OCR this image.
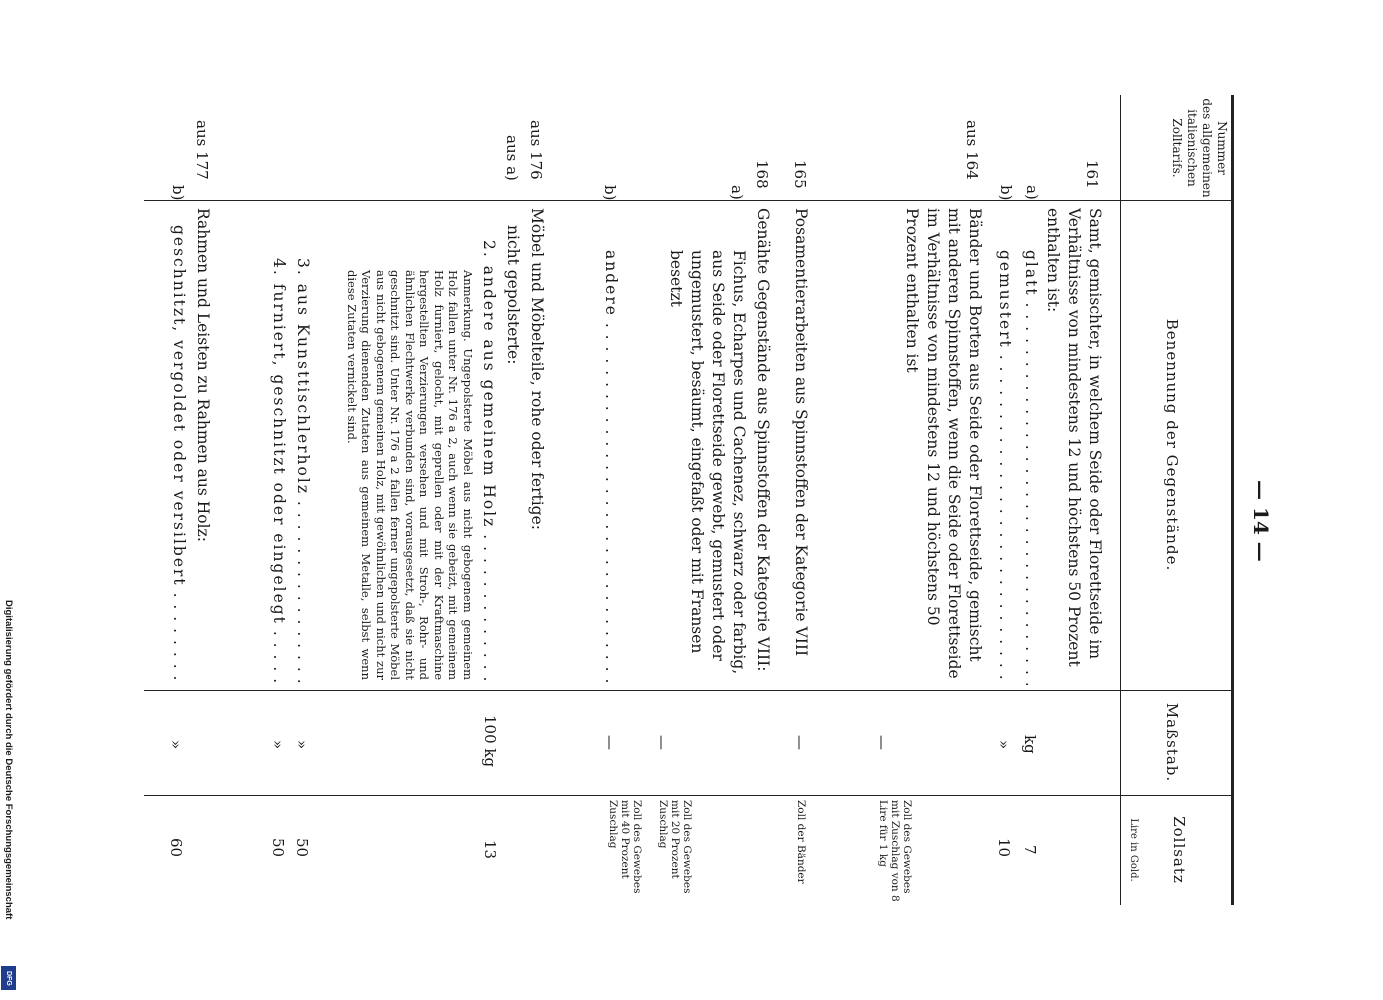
Digitalisierung gefördert durch die Deutsche Forschungsgemeinschaft
DFG
— 14 —
Nummer
des allgemeinen
italienischen
Zolltarifs.
Benennung der Gegenstände.
Maßstab.
Zollsatz
Lire in Gold.
161
Samt, gemischter, in welchem Seide oder Florettseide im Verhältnisse von mindestens 12 und höchstens 50 Prozent enthalten ist:
a)
glatt . . .
kg
7
b)
gemustert . . .
»
10
aus 164
Bänder und Borten aus Seide oder Florettseide, gemischt mit anderen Spinnstoffen, wenn die Seide oder Florettseide im Verhältnisse von mindestens 12 und höchstens 50 Prozent enthalten ist
—
Zoll des Gewebes mit Zuschlag von 8 Lire für 1 kg
165
Posamentierarbeiten aus Spinnstoffen der Kategorie VIII
—
Zoll der Bänder
168
Genähte Gegenstände aus Spinnstoffen der Kategorie VIII:
a)
Fichus, Echarpes und Cachenez, schwarz oder farbig, aus Seide oder Florettseide gewebt, gemustert oder ungemustert, besäumt, eingefaßt oder mit Fransen besetzt
—
Zoll des Gewebes mit 20 Prozent Zuschlag
b)
andere . . .
—
Zoll des Gewebes mit 40 Prozent Zuschlag
aus 176
Möbel und Möbelteile, rohe oder fertige:
aus a)
nicht gepolsterte:
2. andere aus gemeinem Holz . . .
100 kg
13
Anmerkung. Ungepolsterte Möbel aus nicht gebogenem gemeinem Holz fallen unter Nr. 176 a 2, auch wenn sie gebeizt, mit gemeinem Holz furniert, gelocht, mit geprellen oder mit der Kraftmaschine hergestellten Verzierungen versehen und mit Stroh-, Rohr- und ähnlichen Flechtwerke verbunden sind, vorausgesetzt, daß sie nicht geschnitzt sind. Unter Nr. 176 a 2 fallen ferner ungepolsterte Möbel aus nicht gebogenem gemeinen Holz, mit gewöhnlichen und nicht zur Verzierung dienenden Zutaten aus gemeinem Metalle, selbst wenn diese Zutaten vernickelt sind.
3. aus Kunsttischlerholz . . .
»
50
4. furniert, geschnitzt oder eingelegt . . .
»
50
aus 177
Rahmen und Leisten zu Rahmen aus Holz:
b)
geschnitzt, vergoldet oder versilbert . . .
»
60
